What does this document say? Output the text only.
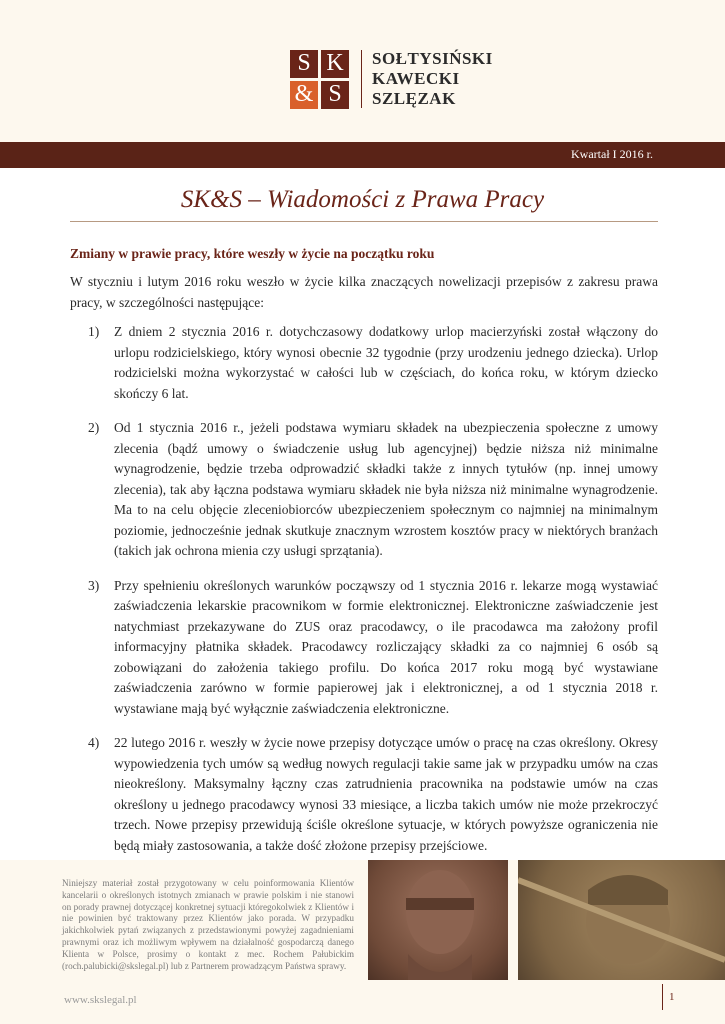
S K
& S
SOŁTYSIŃSKI
KAWECKI
SZLĘZAK
Kwartał I 2016 r.
SK&S – Wiadomości z Prawa Pracy
Zmiany w prawie pracy, które weszły w życie na początku roku
W styczniu i lutym 2016 roku weszło w życie kilka znaczących nowelizacji przepisów z zakresu prawa pracy, w szczególności następujące:
1) Z dniem 2 stycznia 2016 r. dotychczasowy dodatkowy urlop macierzyński został włączony do urlopu rodzicielskiego, który wynosi obecnie 32 tygodnie (przy urodzeniu jednego dziecka). Urlop rodzicielski można wykorzystać w całości lub w częściach, do końca roku, w którym dziecko skończy 6 lat.
2) Od 1 stycznia 2016 r., jeżeli podstawa wymiaru składek na ubezpieczenia społeczne z umowy zlecenia (bądź umowy o świadczenie usług lub agencyjnej) będzie niższa niż minimalne wynagrodzenie, będzie trzeba odprowadzić składki także z innych tytułów (np. innej umowy zlecenia), tak aby łączna podstawa wymiaru składek nie była niższa niż minimalne wynagrodzenie. Ma to na celu objęcie zleceniobiorców ubezpieczeniem społecznym co najmniej na minimalnym poziomie, jednocześnie jednak skutkuje znacznym wzrostem kosztów pracy w niektórych branżach (takich jak ochrona mienia czy usługi sprzątania).
3) Przy spełnieniu określonych warunków począwszy od 1 stycznia 2016 r. lekarze mogą wystawiać zaświadczenia lekarskie pracownikom w formie elektronicznej. Elektroniczne zaświadczenie jest natychmiast przekazywane do ZUS oraz pracodawcy, o ile pracodawca ma założony profil informacyjny płatnika składek. Pracodawcy rozliczający składki za co najmniej 6 osób są zobowiązani do założenia takiego profilu. Do końca 2017 roku mogą być wystawiane zaświadczenia zarówno w formie papierowej jak i elektronicznej, a od 1 stycznia 2018 r. wystawiane mają być wyłącznie zaświadczenia elektroniczne.
4) 22 lutego 2016 r. weszły w życie nowe przepisy dotyczące umów o pracę na czas określony. Okresy wypowiedzenia tych umów są według nowych regulacji takie same jak w przypadku umów na czas nieokreślony. Maksymalny łączny czas zatrudnienia pracownika na podstawie umów na czas określony u jednego pracodawcy wynosi 33 miesiące, a liczba takich umów nie może przekroczyć trzech. Nowe przepisy przewidują ściśle określone sytuacje, w których powyższe ograniczenia nie będą miały zastosowania, a także dość złożone przepisy przejściowe.
Niniejszy materiał został przygotowany w celu poinformowania Klientów kancelarii o określonych istotnych zmianach w prawie polskim i nie stanowi on porady prawnej dotyczącej konkretnej sytuacji któregokolwiek z Klientów i nie powinien być traktowany przez Klientów jako porada. W przypadku jakichkolwiek pytań związanych z przedstawionymi powyżej zagadnieniami prawnymi oraz ich możliwym wpływem na działalność gospodarczą danego Klienta w Polsce, prosimy o kontakt z mec. Rochem Pałubickim (roch.palubicki@skslegal.pl) lub z Partnerem prowadzącym Państwa sprawy.
www.skslegal.pl	1
